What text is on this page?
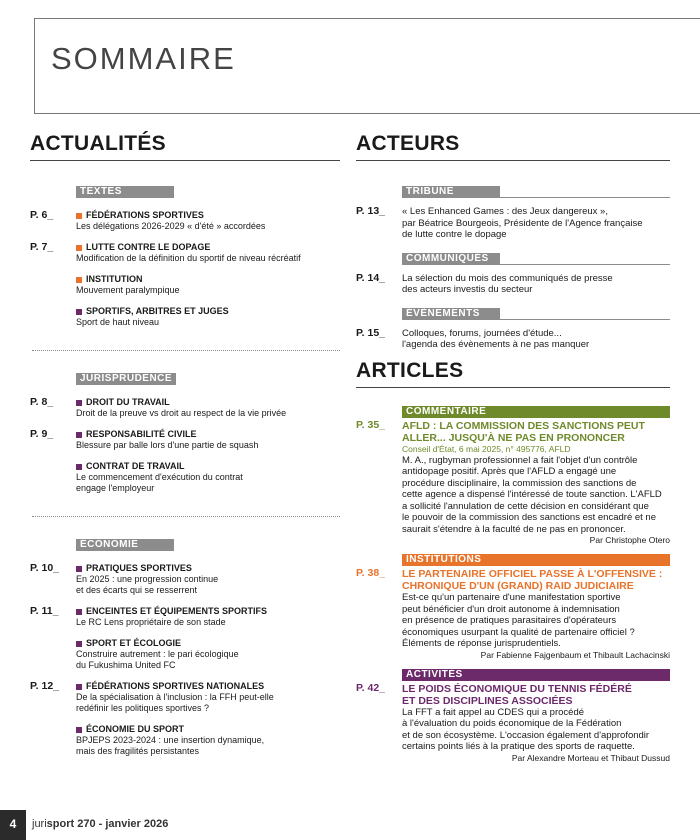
SOMMAIRE
ACTUALITÉS
TEXTES
P. 6_	FÉDÉRATIONS SPORTIVES
Les délégations 2026-2029 « d'été » accordées
P. 7_	LUTTE CONTRE LE DOPAGE
Modification de la définition du sportif de niveau récréatif
INSTITUTION
Mouvement paralympique
SPORTIFS, ARBITRES ET JUGES
Sport de haut niveau
JURISPRUDENCE
P. 8_	DROIT DU TRAVAIL
Droit de la preuve vs droit au respect de la vie privée
P. 9_	RESPONSABILITÉ CIVILE
Blessure par balle lors d'une partie de squash
CONTRAT DE TRAVAIL
Le commencement d'exécution du contrat
engage l'employeur
ÉCONOMIE
P. 10_	PRATIQUES SPORTIVES
En 2025 : une progression continue
et des écarts qui se resserrent
P. 11_	ENCEINTES ET ÉQUIPEMENTS SPORTIFS
Le RC Lens propriétaire de son stade
SPORT ET ÉCOLOGIE
Construire autrement : le pari écologique
du Fukushima United FC
P. 12_	FÉDÉRATIONS SPORTIVES NATIONALES
De la spécialisation à l'inclusion : la FFH peut-elle
redéfinir les politiques sportives ?
ÉCONOMIE DU SPORT
BPJEPS 2023-2024 : une insertion dynamique,
mais des fragilités persistantes
ACTEURS
TRIBUNE
P. 13_ « Les Enhanced Games : des Jeux dangereux »,
par Béatrice Bourgeois, Présidente de l'Agence française
de lutte contre le dopage
COMMUNIQUÉS
P. 14_ La sélection du mois des communiqués de presse
des acteurs investis du secteur
ÉVÈNEMENTS
P. 15_ Colloques, forums, journées d'étude...
l'agenda des évènements à ne pas manquer
ARTICLES
COMMENTAIRE
P. 35_ AFLD : LA COMMISSION DES SANCTIONS PEUT
ALLER... JUSQU'À NE PAS EN PRONONCER
Conseil d'État, 6 mai 2025, n° 495776, AFLD
M. A., rugbyman professionnel a fait l'objet d'un contrôle
antidopage positif. Après que l'AFLD a engagé une
procédure disciplinaire, la commission des sanctions de
cette agence a dispensé l'intéressé de toute sanction. L'AFLD
a sollicité l'annulation de cette décision en considérant que
le pouvoir de la commission des sanctions est encadré et ne
saurait s'étendre à la faculté de ne pas en prononcer.
Par Christophe Otero
INSTITUTIONS
P. 38_ LE PARTENAIRE OFFICIEL PASSE À L'OFFENSIVE :
CHRONIQUE D'UN (GRAND) RAID JUDICIAIRE
Est-ce qu'un partenaire d'une manifestation sportive
peut bénéficier d'un droit autonome à indemnisation
en présence de pratiques parasitaires d'opérateurs
économiques usurpant la qualité de partenaire officiel ?
Éléments de réponse jurisprudentiels.
Par Fabienne Fajgenbaum et Thibault Lachacinski
ACTIVITÉS
P. 42_ LE POIDS ÉCONOMIQUE DU TENNIS FÉDÉRÉ
ET DES DISCIPLINES ASSOCIÉES
La FFT a fait appel au CDES qui a procédé
à l'évaluation du poids économique de la Fédération
et de son écosystème. L'occasion également d'approfondir
certains points liés à la pratique des sports de raquette.
Par Alexandre Morteau et Thibaut Dussud
4	jurisport 270 - janvier 2026
